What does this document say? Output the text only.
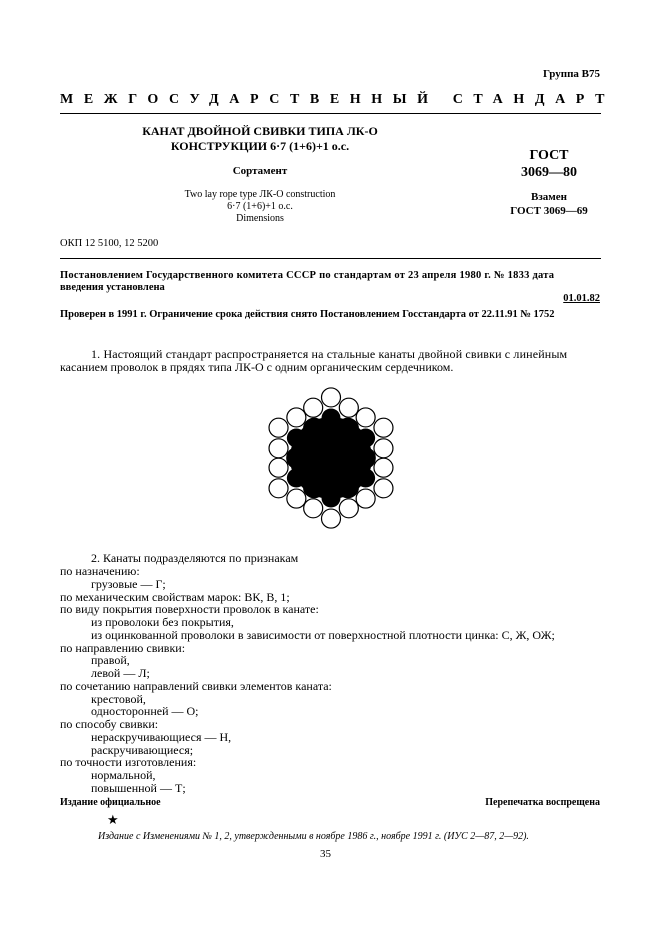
Группа В75
МЕЖГОСУДАРСТВЕННЫЙ СТАНДАРТ
КАНАТ ДВОЙНОЙ СВИВКИ ТИПА ЛК-О
КОНСТРУКЦИИ 6·7 (1+6)+1 о.с.
Сортамент
Two lay rope type ЛК-О construction
6·7 (1+6)+1 o.c.
Dimensions
ГОСТ
3069—80
Взамен
ГОСТ 3069—69
ОКП 12 5100, 12 5200
Постановлением Государственного комитета СССР по стандартам от 23 апреля 1980 г. № 1833 дата
введения установлена
01.01.82
Проверен в 1991 г. Ограничение срока действия снято Постановлением Госстандарта от 22.11.91 № 1752
1. Настоящий стандарт распространяется на стальные канаты двойной свивки с линейным
касанием проволок в прядях типа ЛК-О с одним органическим сердечником.
2. Канаты подразделяются по признакам
по назначению:
грузовые — Г;
по механическим свойствам марок: ВК, В, 1;
по виду покрытия поверхности проволок в канате:
из проволоки без покрытия,
из оцинкованной проволоки в зависимости от поверхностной плотности цинка: С, Ж, ОЖ;
по направлению свивки:
правой,
левой — Л;
по сочетанию направлений свивки элементов каната:
крестовой,
односторонней — О;
по способу свивки:
нераскручивающиеся — Н,
раскручивающиеся;
по точности изготовления:
нормальной,
повышенной — Т;
Издание официальное	Перепечатка воспрещена
★
Издание с Изменениями № 1, 2, утвержденными в ноябре 1986 г., ноябре 1991 г. (ИУС 2—87, 2—92).
35
